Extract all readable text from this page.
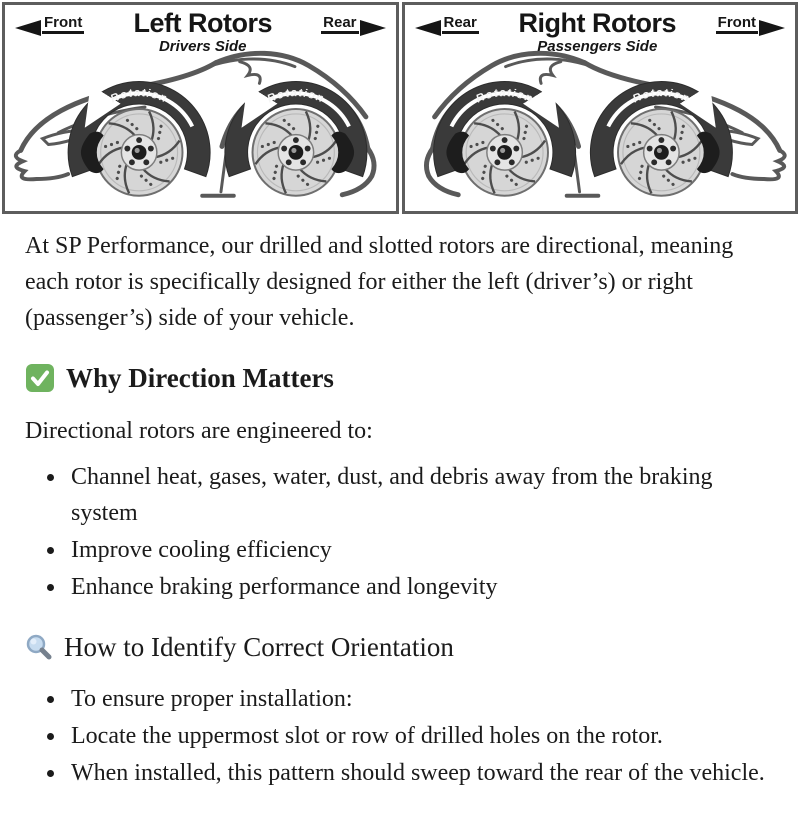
Front Left Rotors
Drivers Side
Rear
Rotation	Rotation
Rear Right Rotors
Passengers Side
Front
Rotation	Rotation

At SP Performance, our drilled and slotted rotors are directional, meaning each rotor is specifically designed for either the left (driver’s) or right (passenger’s) side of your vehicle.

Why Direction Matters

Directional rotors are engineered to:

• Channel heat, gases, water, dust, and debris away from the braking system
• Improve cooling efficiency
• Enhance braking performance and longevity
How to Identify Correct Orientation
• To ensure proper installation:
• Locate the uppermost slot or row of drilled holes on the rotor.
• When installed, this pattern should sweep toward the rear of the vehicle.
